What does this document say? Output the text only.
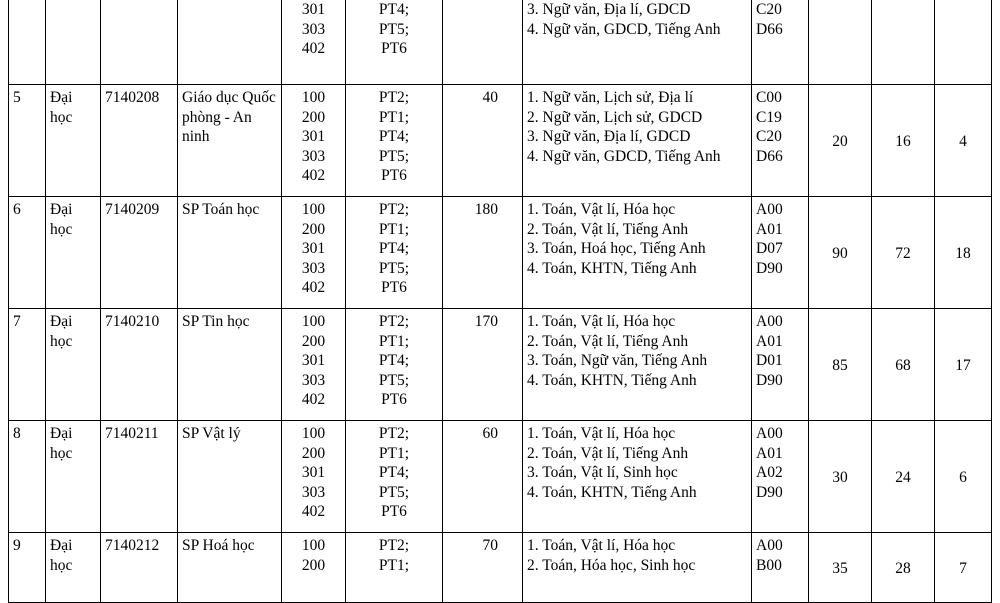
				301
303
402	PT4;
PT5;
PT6		3. Ngữ văn, Địa lí, GDCD
4. Ngữ văn, GDCD, Tiếng Anh	C20
D66			

5	Đại học	7140208	Giáo dục Quốc phòng - An ninh	100
200
301
303
402	PT2;
PT1;
PT4;
PT5;
PT6	40	1. Ngữ văn, Lịch sử, Địa lí
2. Ngữ văn, Lịch sử, GDCD
3. Ngữ văn, Địa lí, GDCD
4. Ngữ văn, GDCD, Tiếng Anh	C00
C19
C20
D66	20	16	4
6	Đại học	7140209	SP Toán học	100
200
301
303
402	PT2;
PT1;
PT4;
PT5;
PT6	180	1. Toán, Vật lí, Hóa học
2. Toán, Vật lí, Tiếng Anh
3. Toán, Hoá học, Tiếng Anh
4. Toán, KHTN, Tiếng Anh	A00
A01
D07
D90	90	72	18
7	Đại học	7140210	SP Tin học	100
200
301
303
402	PT2;
PT1;
PT4;
PT5;
PT6	170	1. Toán, Vật lí, Hóa học
2. Toán, Vật lí, Tiếng Anh
3. Toán, Ngữ văn, Tiếng Anh
4. Toán, KHTN, Tiếng Anh	A00
A01
D01
D90	85	68	17
8	Đại học	7140211	SP Vật lý	100
200
301
303
402	PT2;
PT1;
PT4;
PT5;
PT6	60	1. Toán, Vật lí, Hóa học
2. Toán, Vật lí, Tiếng Anh
3. Toán, Vật lí, Sinh học
4. Toán, KHTN, Tiếng Anh	A00
A01
A02
D90	30	24	6
9	Đại học	7140212	SP Hoá học	100
200	PT2;
PT1;	70	1. Toán, Vật lí, Hóa học
2. Toán, Hóa học, Sinh học	A00
B00	35	28	7
